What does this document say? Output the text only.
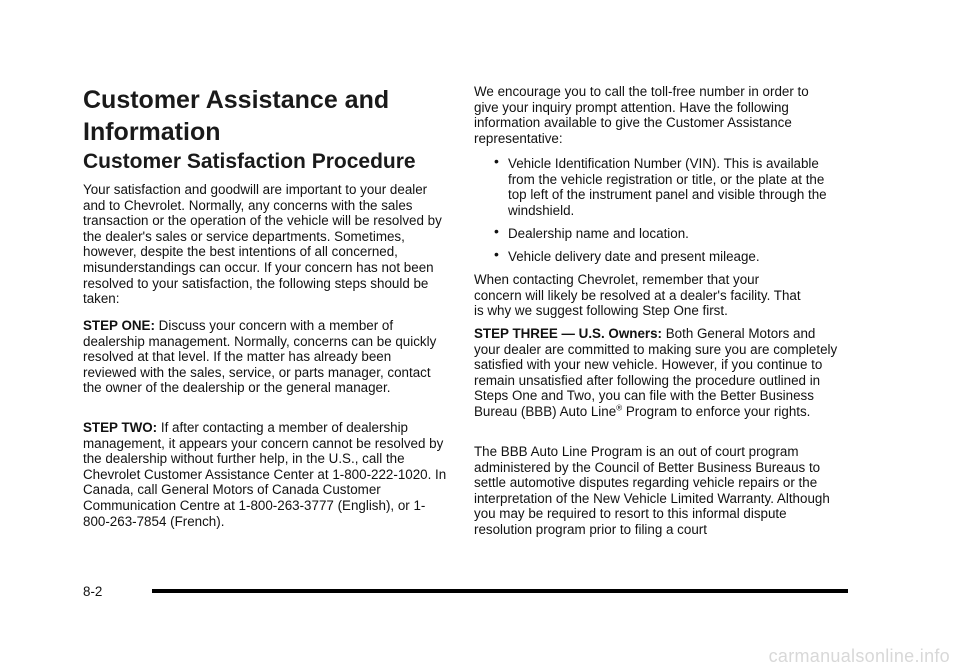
Customer Assistance and Information
Customer Satisfaction Procedure

Your satisfaction and goodwill are important to your dealer and to Chevrolet. Normally, any concerns with the sales transaction or the operation of the vehicle will be resolved by the dealer's sales or service departments. Sometimes, however, despite the best intentions of all concerned, misunderstandings can occur. If your concern has not been resolved to your satisfaction, the following steps should be taken:

STEP ONE: Discuss your concern with a member of dealership management. Normally, concerns can be quickly resolved at that level. If the matter has already been reviewed with the sales, service, or parts manager, contact the owner of the dealership or the general manager.

STEP TWO: If after contacting a member of dealership management, it appears your concern cannot be resolved by the dealership without further help, in the U.S., call the Chevrolet Customer Assistance Center at 1-800-222-1020. In Canada, call General Motors of Canada Customer Communication Centre at 1-800-263-3777 (English), or 1-800-263-7854 (French).

We encourage you to call the toll-free number in order to give your inquiry prompt attention. Have the following information available to give the Customer Assistance representative:

• Vehicle Identification Number (VIN). This is available from the vehicle registration or title, or the plate at the top left of the instrument panel and visible through the windshield.
• Dealership name and location.
• Vehicle delivery date and present mileage.

When contacting Chevrolet, remember that your concern will likely be resolved at a dealer's facility. That is why we suggest following Step One first.

STEP THREE — U.S. Owners: Both General Motors and your dealer are committed to making sure you are completely satisfied with your new vehicle. However, if you continue to remain unsatisfied after following the procedure outlined in Steps One and Two, you can file with the Better Business Bureau (BBB) Auto Line® Program to enforce your rights.

The BBB Auto Line Program is an out of court program administered by the Council of Better Business Bureaus to settle automotive disputes regarding vehicle repairs or the interpretation of the New Vehicle Limited Warranty. Although you may be required to resort to this informal dispute resolution program prior to filing a court

8-2

carmanualsonline.info
